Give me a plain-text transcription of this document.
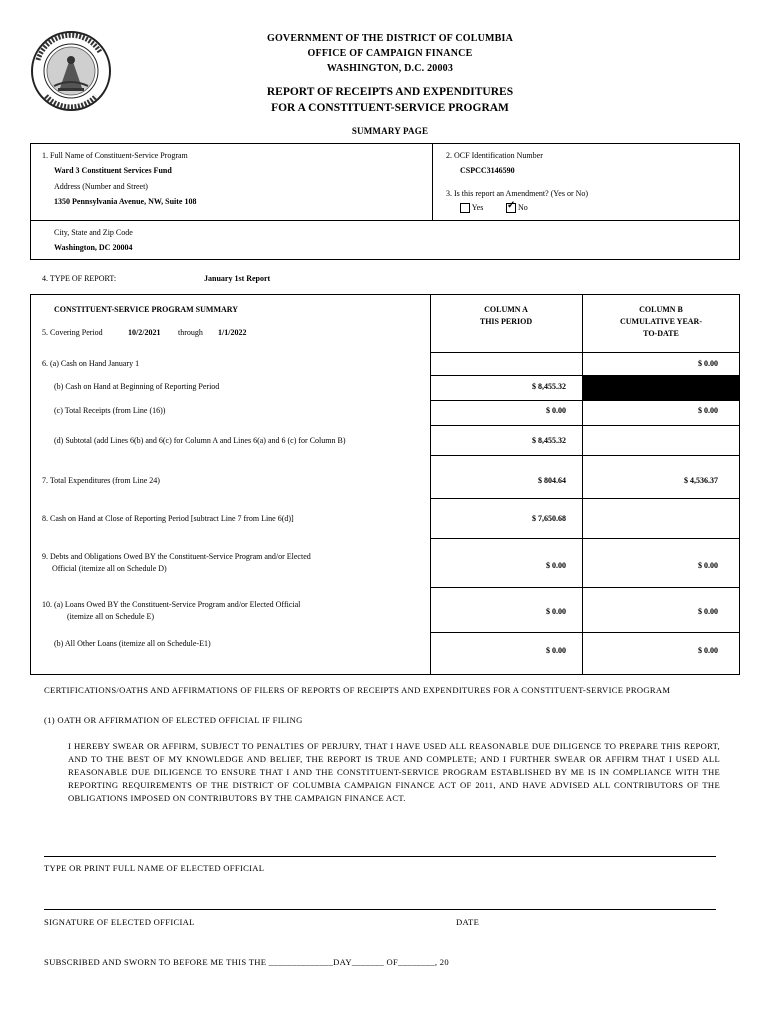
GOVERNMENT OF THE DISTRICT OF COLUMBIA
OFFICE OF CAMPAIGN FINANCE
WASHINGTON, D.C. 20003
REPORT OF RECEIPTS AND EXPENDITURES
FOR A CONSTITUENT-SERVICE PROGRAM
SUMMARY PAGE
1. Full Name of Constituent-Service Program
Ward 3 Constituent Services Fund
Address (Number and Street)
1350 Pennsylvania Avenue, NW, Suite 108
City, State and Zip Code
Washington, DC 20004
2. OCF Identification Number
CSPCC3146590
3. Is this report an Amendment? (Yes or No)
Yes
✓	No
4. TYPE OF REPORT:	January 1st Report
CONSTITUENT-SERVICE PROGRAM SUMMARY
5. Covering Period	10/2/2021 through 1/1/2022
COLUMN A
THIS PERIOD
COLUMN B
CUMULATIVE YEAR-
TO-DATE
6. (a) Cash on Hand January 1	$ 0.00
(b) Cash on Hand at Beginning of Reporting Period	$ 8,455.32
(c) Total Receipts (from Line (16))	$ 0.00	$ 0.00
(d) Subtotal (add Lines 6(b) and 6(c) for Column A and Lines 6(a) and 6 (c) for Column B)	$ 8,455.32
7. Total Expenditures (from Line 24)	$ 804.64	$ 4,536.37
8. Cash on Hand at Close of Reporting Period [subtract Line 7 from Line 6(d)]	$ 7,650.68
9. Debts and Obligations Owed BY the Constituent-Service Program and/or Elected
Official (itemize all on Schedule D)	$ 0.00	$ 0.00
10. (a) Loans Owed BY the Constituent-Service Program and/or Elected Official
(itemize all on Schedule E)
$ 0.00	$ 0.00
(b) All Other Loans (itemize all on Schedule-E1)
$ 0.00	$ 0.00
CERTIFICATIONS/OATHS AND AFFIRMATIONS OF FILERS OF REPORTS OF RECEIPTS AND EXPENDITURES FOR A CONSTITUENT-SERVICE PROGRAM
(1) OATH OR AFFIRMATION OF ELECTED OFFICIAL IF FILING
I HEREBY SWEAR OR AFFIRM, SUBJECT TO PENALTIES OF PERJURY, THAT I HAVE USED ALL REASONABLE DUE DILIGENCE TO PREPARE THIS REPORT, AND TO THE BEST OF MY KNOWLEDGE AND BELIEF, THE REPORT IS TRUE AND COMPLETE; AND I FURTHER SWEAR OR AFFIRM THAT I USED ALL REASONABLE DUE DILIGENCE TO ENSURE THAT I AND THE CONSTITUENT-SERVICE PROGRAM ESTABLISHED BY ME IS IN COMPLIANCE WITH THE REPORTING REQUIREMENTS OF THE DISTRICT OF COLUMBIA CAMPAIGN FINANCE ACT OF 2011, AND HAVE ADVISED ALL CONTRIBUTORS OF THE OBLIGATIONS IMPOSED ON CONTRIBUTORS BY THE CAMPAIGN FINANCE ACT.
TYPE OR PRINT FULL NAME OF ELECTED OFFICIAL
SIGNATURE OF ELECTED OFFICIAL	DATE
SUBSCRIBED AND SWORN TO BEFORE ME THIS THE ______________DAY_______ OF________, 20
